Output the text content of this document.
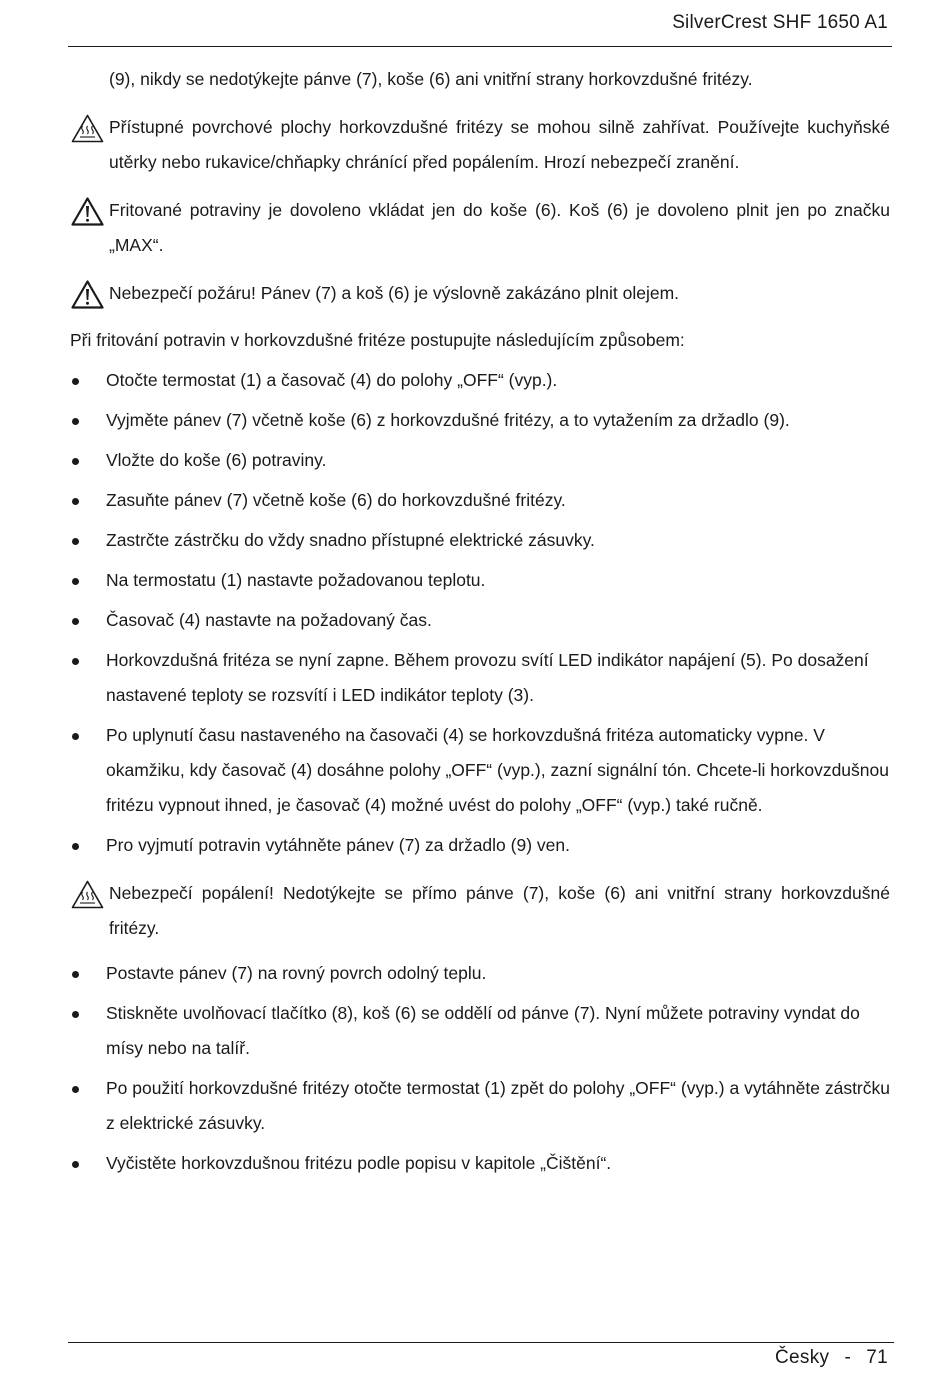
SilverCrest SHF 1650 A1

(9), nikdy se nedotýkejte pánve (7), koše (6) ani vnitřní strany horkovzdušné fritézy.

Přístupné povrchové plochy horkovzdušné fritézy se mohou silně zahřívat. Používejte kuchyňské utěrky nebo rukavice/chňapky chránící před popálením. Hrozí nebezpečí zranění.
Fritované potraviny je dovoleno vkládat jen do koše (6). Koš (6) je dovoleno plnit jen po značku „MAX“.
Nebezpečí požáru! Pánev (7) a koš (6) je výslovně zakázáno plnit olejem.

Při fritování potravin v horkovzdušné fritéze postupujte následujícím způsobem:

Otočte termostat (1) a časovač (4) do polohy „OFF“ (vyp.).
Vyjměte pánev (7) včetně koše (6) z horkovzdušné fritézy, a to vytažením za držadlo (9).
Vložte do koše (6) potraviny.
Zasuňte pánev (7) včetně koše (6) do horkovzdušné fritézy.
Zastrčte zástrčku do vždy snadno přístupné elektrické zásuvky.
Na termostatu (1) nastavte požadovanou teplotu.
Časovač (4) nastavte na požadovaný čas.
Horkovzdušná fritéza se nyní zapne. Během provozu svítí LED indikátor napájení (5). Po dosažení nastavené teploty se rozsvítí i LED indikátor teploty (3).
Po uplynutí času nastaveného na časovači (4) se horkovzdušná fritéza automaticky vypne. V okamžiku, kdy časovač (4) dosáhne polohy „OFF“ (vyp.), zazní signální tón. Chcete-li horkovzdušnou fritézu vypnout ihned, je časovač (4) možné uvést do polohy „OFF“ (vyp.) také ručně.
Pro vyjmutí potravin vytáhněte pánev (7) za držadlo (9) ven.
Nebezpečí popálení! Nedotýkejte se přímo pánve (7), koše (6) ani vnitřní strany horkovzdušné fritézy.
Postavte pánev (7) na rovný povrch odolný teplu.
Stiskněte uvolňovací tlačítko (8), koš (6) se oddělí od pánve (7). Nyní můžete potraviny vyndat do mísy nebo na talíř.
Po použití horkovzdušné fritézy otočte termostat (1) zpět do polohy „OFF“ (vyp.) a vytáhněte zástrčku z elektrické zásuvky.
Vyčistěte horkovzdušnou fritézu podle popisu v kapitole „Čištění“.
Česky  -  71
